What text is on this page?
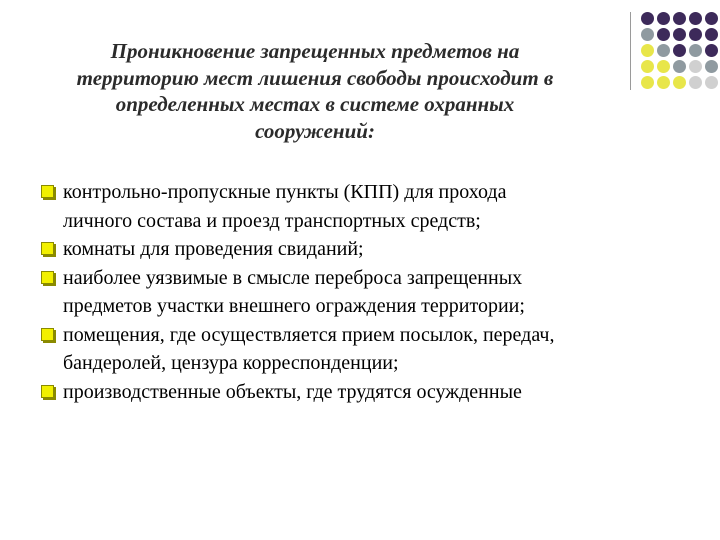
Проникновение запрещенных предметов на
территорию мест лишения свободы происходит в
определенных местах в системе охранных
сооружений:
контрольно-пропускные пункты (КПП) для прохода
личного состава и проезд транспортных средств;
комнаты для проведения свиданий;
наиболее уязвимые в смысле переброса запрещенных
предметов участки внешнего ограждения территории;
помещения, где осуществляется прием посылок, передач,
бандеролей, цензура корреспонденции;
производственные объекты, где трудятся осужденные
